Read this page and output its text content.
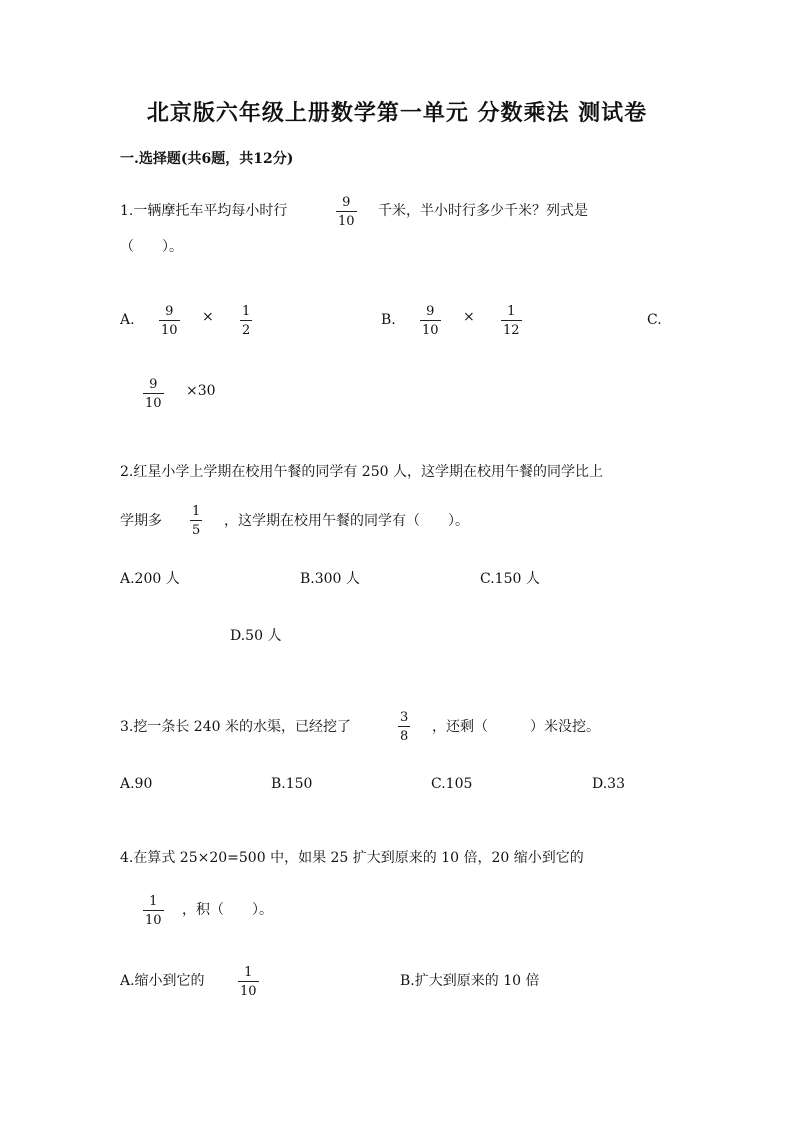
北京版六年级上册数学第一单元 分数乘法 测试卷
一.选择题(共6题，共12分)
1.一辆摩托车平均每小时行
9
10
千米，半小时行多少千米？列式是
（　　）。
A.
9
10
× 1
2
B.
9
10
× 1
12
C.
9
10
×30
2.红星小学上学期在校用午餐的同学有 250 人，这学期在校用午餐的同学比上
学期多
1
5
，这学期在校用午餐的同学有（　　）。
A.200 人	B.300 人	C.150 人
D.50 人
3.挖一条长 240 米的水渠，已经挖了
3
8
，还剩（　　　）米没挖。
A.90	B.150	C.105	D.33
4.在算式 25×20=500 中，如果 25 扩大到原来的 10 倍，20 缩小到它的
1
10
，积（　　）。
A.缩小到它的
1
10
B.扩大到原来的 10 倍
